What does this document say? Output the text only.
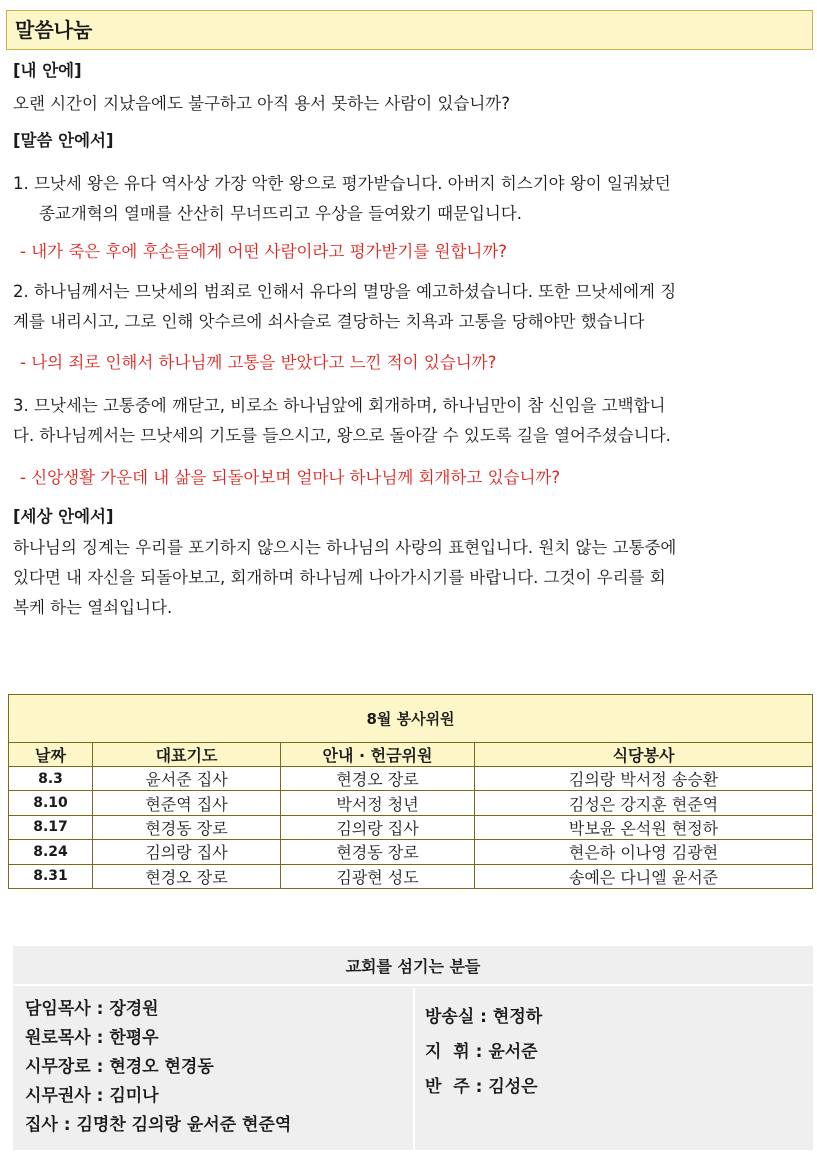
말씀나눔
[내 안에]
오랜 시간이 지났음에도 불구하고 아직 용서 못하는 사람이 있습니까?
[말씀 안에서]
1. 므낫세 왕은 유다 역사상 가장 악한 왕으로 평가받습니다. 아버지 히스기야 왕이 일궈놨던
종교개혁의 열매를 산산히 무너뜨리고 우상을 들여왔기 때문입니다.
- 내가 죽은 후에 후손들에게 어떤 사람이라고 평가받기를 원합니까?
2. 하나님께서는 므낫세의 범죄로 인해서 유다의 멸망을 예고하셨습니다. 또한 므낫세에게 징
계를 내리시고, 그로 인해 앗수르에 쇠사슬로 결당하는 치욕과 고통을 당해야만 했습니다
- 나의 죄로 인해서 하나님께 고통을 받았다고 느낀 적이 있습니까?
3. 므낫세는 고통중에 깨닫고, 비로소 하나님앞에 회개하며, 하나님만이 참 신임을 고백합니
다. 하나님께서는 므낫세의 기도를 들으시고, 왕으로 돌아갈 수 있도록 길을 열어주셨습니다.
- 신앙생활 가운데 내 삶을 되돌아보며 얼마나 하나님께 회개하고 있습니까?
[세상 안에서]
하나님의 징계는 우리를 포기하지 않으시는 하나님의 사랑의 표현입니다. 원치 않는 고통중에
있다면 내 자신을 되돌아보고, 회개하며 하나님께 나아가시기를 바랍니다. 그것이 우리를 회
복케 하는 열쇠입니다.
8월 봉사위원			
날짜	대표기도	안내 · 헌금위원	식당봉사
8.3	윤서준 집사	현경오 장로	김의랑 박서정 송승환
8.10	현준역 집사	박서정 청년	김성은 강지훈 현준역
8.17	현경동 장로	김의랑 집사	박보윤 온석원 현정하
8.24	김의랑 집사	현경동 장로	현은하 이나영 김광현
8.31	현경오 장로	김광현 성도	송예은 다니엘 윤서준
교회를 섬기는 분들
담임목사 : 장경원
원로목사 : 한평우
시무장로 : 현경오 현경동
시무권사 : 김미나
집사 : 김명찬 김의랑 윤서준 현준역
방송실 : 현정하
지  휘 : 윤서준
반  주 : 김성은
